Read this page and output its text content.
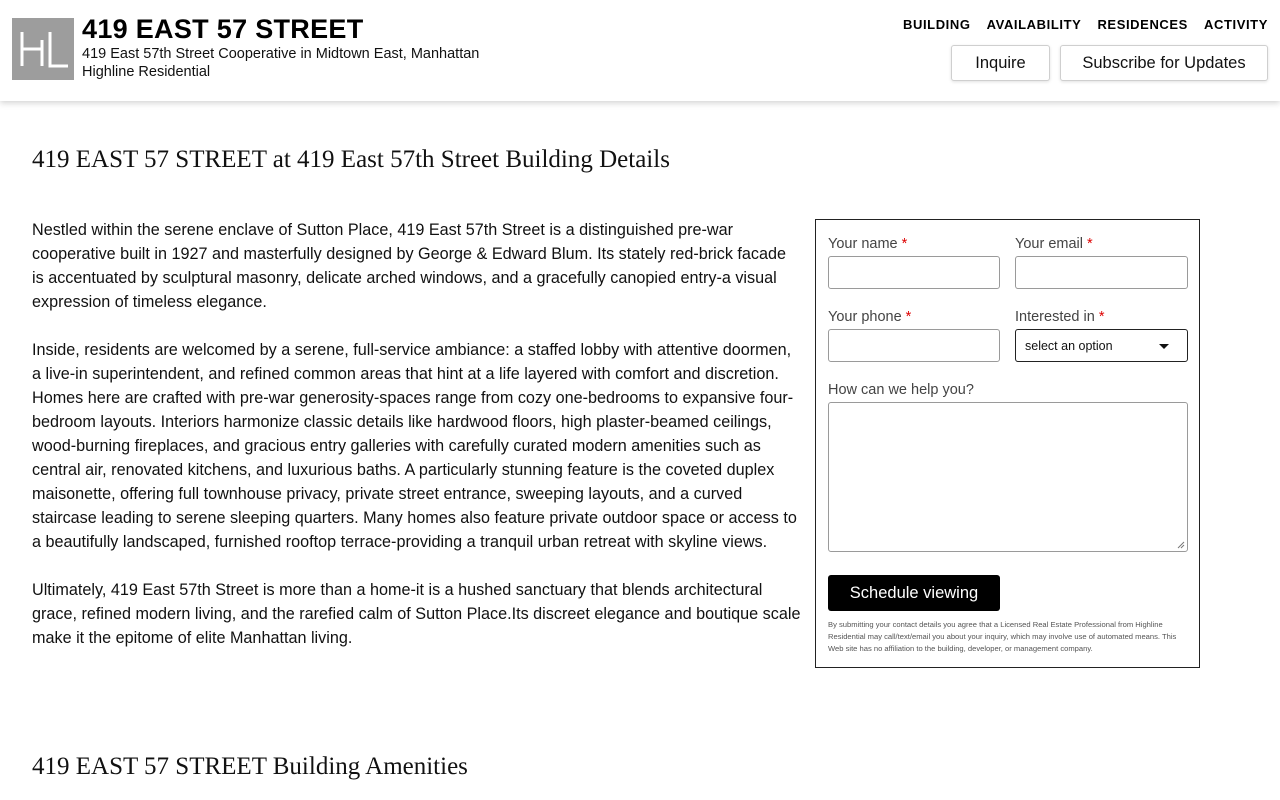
419 EAST 57 STREET
419 East 57th Street Cooperative in Midtown East, Manhattan
Highline Residential
BUILDING AVAILABILITY RESIDENCES ACTIVITY
Inquire	Subscribe for Updates
419 EAST 57 STREET at 419 East 57th Street Building Details

Nestled within the serene enclave of Sutton Place, 419 East 57th Street is a distinguished pre-war cooperative built in 1927 and masterfully designed by George & Edward Blum. Its stately red-brick facade is accentuated by sculptural masonry, delicate arched windows, and a gracefully canopied entry-a visual expression of timeless elegance.

Inside, residents are welcomed by a serene, full-service ambiance: a staffed lobby with attentive doormen, a live-in superintendent, and refined common areas that hint at a life layered with comfort and discretion. Homes here are crafted with pre-war generosity-spaces range from cozy one-bedrooms to expansive four-bedroom layouts. Interiors harmonize classic details like hardwood floors, high plaster-beamed ceilings, wood-burning fireplaces, and gracious entry galleries with carefully curated modern amenities such as central air, renovated kitchens, and luxurious baths. A particularly stunning feature is the coveted duplex maisonette, offering full townhouse privacy, private street entrance, sweeping layouts, and a curved staircase leading to serene sleeping quarters. Many homes also feature private outdoor space or access to a beautifully landscaped, furnished rooftop terrace-providing a tranquil urban retreat with skyline views.

Ultimately, 419 East 57th Street is more than a home-it is a hushed sanctuary that blends architectural grace, refined modern living, and the rarefied calm of Sutton Place.Its discreet elegance and boutique scale make it the epitome of elite Manhattan living.

Your name *	Your email *
Your phone *	Interested in *
select an option
How can we help you?
Schedule viewing
By submitting your contact details you agree that a Licensed Real Estate Professional from Highline Residential may call/text/email you about your inquiry, which may involve use of automated means. This Web site has no affiliation to the building, developer, or management company.
419 EAST 57 STREET Building Amenities
